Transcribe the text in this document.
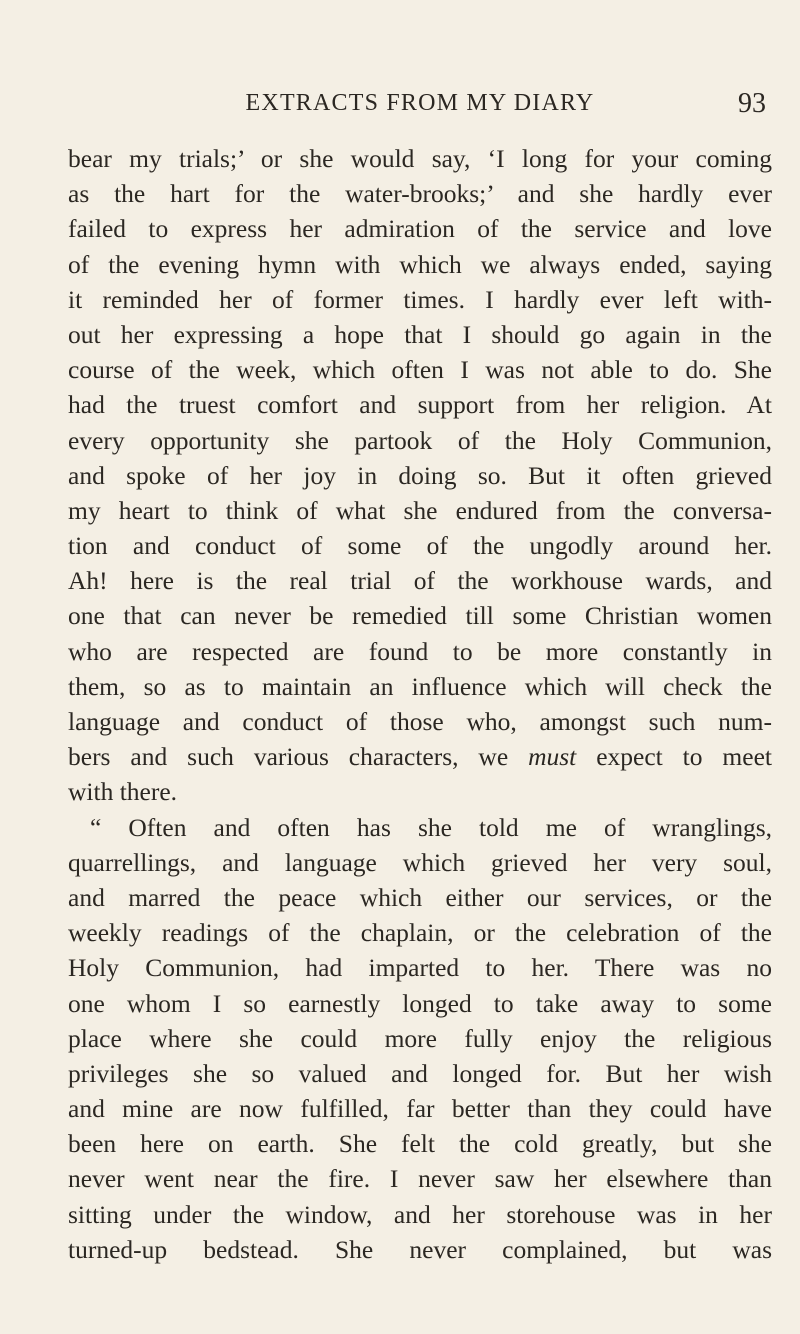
EXTRACTS FROM MY DIARY	93
bear my trials;’ or she would say, ‘I long for your coming
as the hart for the water-brooks;’ and she hardly ever
failed to express her admiration of the service and love
of the evening hymn with which we always ended, saying
it reminded her of former times. I hardly ever left with-
out her expressing a hope that I should go again in the
course of the week, which often I was not able to do. She
had the truest comfort and support from her religion. At
every opportunity she partook of the Holy Communion,
and spoke of her joy in doing so. But it often grieved
my heart to think of what she endured from the conversa-
tion and conduct of some of the ungodly around her.
Ah! here is the real trial of the workhouse wards, and
one that can never be remedied till some Christian women
who are respected are found to be more constantly in
them, so as to maintain an influence which will check the
language and conduct of those who, amongst such num-
bers and such various characters, we must expect to meet
with there.
“ Often and often has she told me of wranglings,
quarrellings, and language which grieved her very soul,
and marred the peace which either our services, or the
weekly readings of the chaplain, or the celebration of the
Holy Communion, had imparted to her. There was no
one whom I so earnestly longed to take away to some
place where she could more fully enjoy the religious
privileges she so valued and longed for. But her wish
and mine are now fulfilled, far better than they could have
been here on earth. She felt the cold greatly, but she
never went near the fire. I never saw her elsewhere than
sitting under the window, and her storehouse was in her
turned-up bedstead. She never complained, but was
